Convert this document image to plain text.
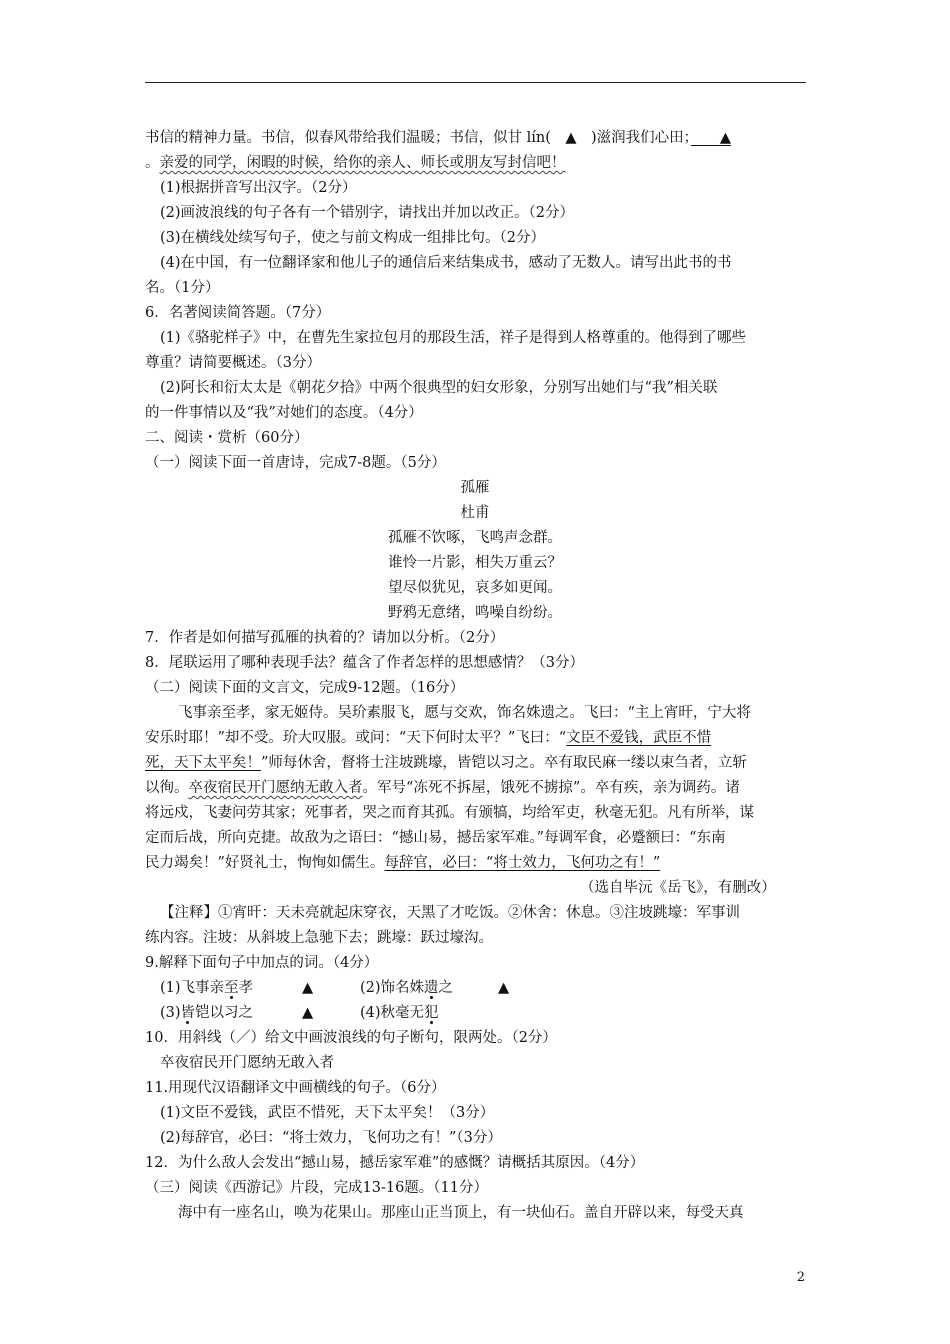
书信的精神力量。书信，似春风带给我们温暖；书信，似甘 lín(　▲　)滋润我们心田；　　▲
。亲爱的同学，闲暇的时候，给你的亲人、师长或朋友写封信吧！
(1)根据拼音写出汉字。（2分）
(2)画波浪线的句子各有一个错别字，请找出并加以改正。（2分）
(3)在横线处续写句子，使之与前文构成一组排比句。（2分）
(4)在中国，有一位翻译家和他儿子的通信后来结集成书，感动了无数人。请写出此书的书
名。（1分）
6．名著阅读简答题。（7分）
(1)《骆驼样子》中，在曹先生家拉包月的那段生活，祥子是得到人格尊重的。他得到了哪些
尊重？请简要概述。（3分）
(2)阿长和衍太太是《朝花夕拾》中两个很典型的妇女形象，分别写出她们与“我”相关联
的一件事情以及“我”对她们的态度。（4分）
二、阅读・赏析（60分）
（一）阅读下面一首唐诗，完成7-8题。（5分）
孤雁
杜甫
孤雁不饮啄，飞鸣声念群。
谁怜一片影，相失万重云？
望尽似犹见，哀多如更闻。
野鸦无意绪，鸣噪自纷纷。
7．作者是如何描写孤雁的执着的？请加以分析。（2分）
8．尾联运用了哪种表现手法？蕴含了作者怎样的思想感情？（3分）
（二）阅读下面的文言文，完成9-12题。（16分）
飞事亲至孝，家无姬侍。吴玠素服飞，愿与交欢，饰名姝遗之。飞曰：“主上宵旰，宁大将
安乐时耶！”却不受。玠大叹服。或问：“天下何时太平？”飞曰：“文臣不爱钱，武臣不惜
死，天下太平矣！”师每休舍，督将士注坡跳壕，皆铠以习之。卒有取民麻一缕以束刍者，立斩
以徇。卒夜宿民开门愿纳无敢入者。军号“冻死不拆屋，饿死不掳掠”。卒有疾，亲为调药。诸
将远戍，飞妻问劳其家；死事者，哭之而育其孤。有颁犒，均给军吏，秋毫无犯。凡有所举，谋
定而后战，所向克捷。故敌为之语曰：“撼山易，撼岳家军难。”每调军食，必蹙额曰：“东南
民力竭矣！”好贤礼士，恂恂如儒生。每辞官，必曰：“将士效力，飞何功之有！”
（选自毕沅《岳飞》，有删改）
【注释】①宵旰：天未亮就起床穿衣，天黑了才吃饭。②休舍：休息。③注坡跳壕：军事训
练内容。注坡：从斜坡上急驰下去；跳壕：跃过壕沟。
9.解释下面句子中加点的词。（4分）
(1)飞事亲至孝	▲	(2)饰名姝遗之	▲
(3)皆铠以习之	▲	(4)秋毫无犯
10．用斜线（／）给文中画波浪线的句子断句，限两处。（2分）
卒夜宿民开门愿纳无敢入者
11.用现代汉语翻译文中画横线的句子。（6分）
(1)文臣不爱钱，武臣不惜死，天下太平矣！（3分）
(2)每辞官，必曰：“将士效力，飞何功之有！”（3分）
12．为什么敌人会发出“撼山易，撼岳家军难”的感慨？请概括其原因。（4分）
（三）阅读《西游记》片段，完成13-16题。（11分）
海中有一座名山，唤为花果山。那座山正当顶上，有一块仙石。盖自开辟以来，每受天真
2
